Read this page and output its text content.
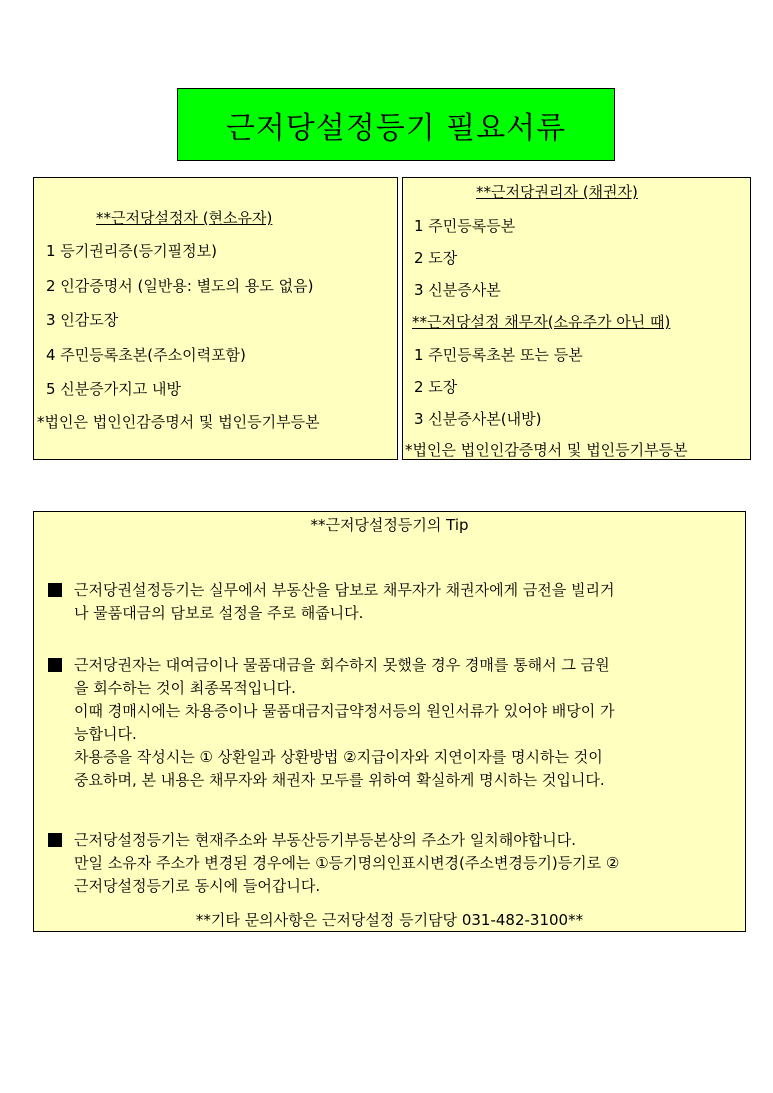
근저당설정등기 필요서류
**근저당설정자 (현소유자)
1 등기권리증(등기필정보)
2 인감증명서 (일반용: 별도의 용도 없음)
3 인감도장
4 주민등록초본(주소이력포함)
5 신분증가지고 내방
*법인은 법인인감증명서 및 법인등기부등본
**근저당권리자 (채권자)
1 주민등록등본
2 도장
3 신분증사본
**근저당설정 채무자(소유주가 아닌 때)
1 주민등록초본 또는 등본
2 도장
3 신분증사본(내방)
*법인은 법인인감증명서 및 법인등기부등본
**근저당설정등기의 Tip
근저당권설정등기는 실무에서 부동산을 담보로 채무자가 채권자에게 금전을 빌리거
나 물품대금의 담보로 설정을 주로 해줍니다.
근저당권자는 대여금이나 물품대금을 회수하지 못했을 경우 경매를 통해서 그 금원
을 회수하는 것이 최종목적입니다.
이때 경매시에는 차용증이나 물품대금지급약정서등의 원인서류가 있어야 배당이 가
능합니다.
차용증을 작성시는 ① 상환일과 상환방법 ②지급이자와 지연이자를 명시하는 것이
중요하며, 본 내용은 채무자와 채권자 모두를 위하여 확실하게 명시하는 것입니다.
근저당설정등기는 현재주소와 부동산등기부등본상의 주소가 일치해야합니다.
만일 소유자 주소가 변경된 경우에는 ①등기명의인표시변경(주소변경등기)등기로 ②
근저당설정등기로 동시에 들어갑니다.
**기타 문의사항은 근저당설정 등기담당 031-482-3100**
